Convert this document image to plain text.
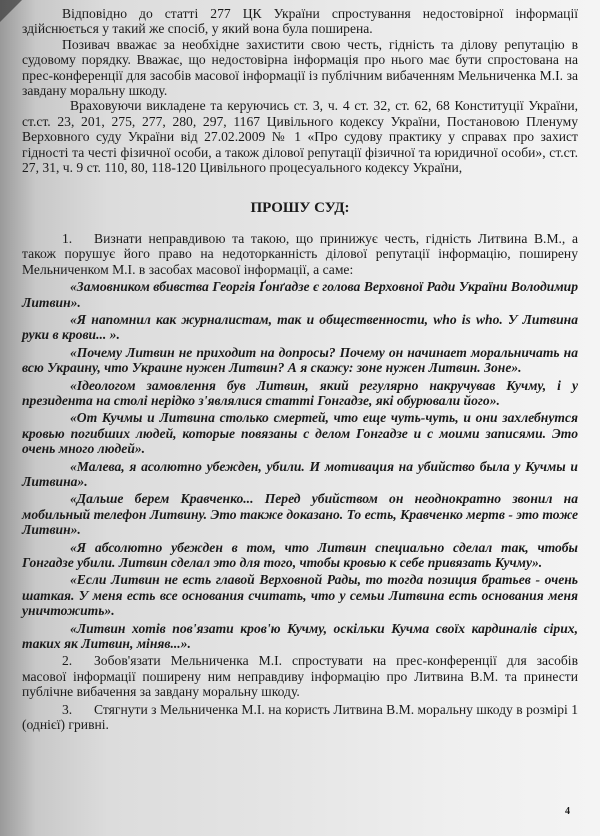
Відповідно до статті 277 ЦК України спростування недостовірної інформації здійснюється у такий же спосіб, у який вона була поширена.

Позивач вважає за необхідне захистити свою честь, гідність та ділову репутацію в судовому порядку. Вважає, що недостовірна інформація про нього має бути спростована на прес-конференції для засобів масової інформації із публічним вибаченням Мельниченка М.І. за завдану моральну шкоду.

Враховуючи викладене та керуючись ст. 3, ч. 4 ст. 32, ст. 62, 68 Конституції України, ст.ст. 23, 201, 275, 277, 280, 297, 1167 Цивільного кодексу України, Постановою Пленуму Верховного суду України від 27.02.2009 № 1 «Про судову практику у справах про захист гідності та честі фізичної особи, а також ділової репутації фізичної та юридичної особи», ст.ст. 27, 31, ч. 9 ст. 110, 80, 118-120 Цивільного процесуального кодексу України,

ПРОШУ СУД:

1. Визнати неправдивою та такою, що принижує честь, гідність Литвина В.М., а також порушує його право на недоторканність ділової репутації інформацію, поширену Мельниченком М.І. в засобах масової інформації, а саме:

«Замовником вбивства Георгія Ґонґадзе є голова Верховної Ради України Володимир Литвин».

«Я напомнил как журналистам, так и общественности, who is who. У Литвина руки в крови... ».

«Почему Литвин не приходит на допросы? Почему он начинает моральничать на всю Украину, что Украине нужен Литвин? А я скажу: зоне нужен Литвин. Зоне».

«Ідеологом замовлення був Литвин, який регулярно накручував Кучму, і у президента на столі нерідко з'являлися статті Гонгадзе, які обурювали його».

«От Кучмы и Литвина столько смертей, что еще чуть-чуть, и они захлебнутся кровью погибших людей, которые повязаны с делом Гонгадзе и с моими записями. Это очень много людей».

«Малева, я асолютно убежден, убили. И мотивация на убийство была у Кучмы и Литвина».

«Дальше берем Кравченко... Перед убийством он неоднократно звонил на мобильный телефон Литвину. Это также доказано. То есть, Кравченко мертв - это тоже Литвин».

«Я абсолютно убежден в том, что Литвин специально сделал так, чтобы Гонгадзе убили. Литвин сделал это для того, чтобы кровью к себе привязать Кучму».

«Если Литвин не есть главой Верховной Рады, то тогда позиция братьев - очень шаткая. У меня есть все основания считать, что у семьи Литвина есть основания меня уничтожить».

«Литвин хотів пов'язати кров'ю Кучму, оскільки Кучма своїх кардиналів сірих, таких як Литвин, міняв...».

2. Зобов'язати Мельниченка М.І. спростувати на прес-конференції для засобів масової інформації поширену ним неправдиву інформацію про Литвина В.М. та принести публічне вибачення за завдану моральну шкоду.

3. Стягнути з Мельниченка М.І. на користь Литвина В.М. моральну шкоду в розмірі 1 (однієї) гривні.

4
